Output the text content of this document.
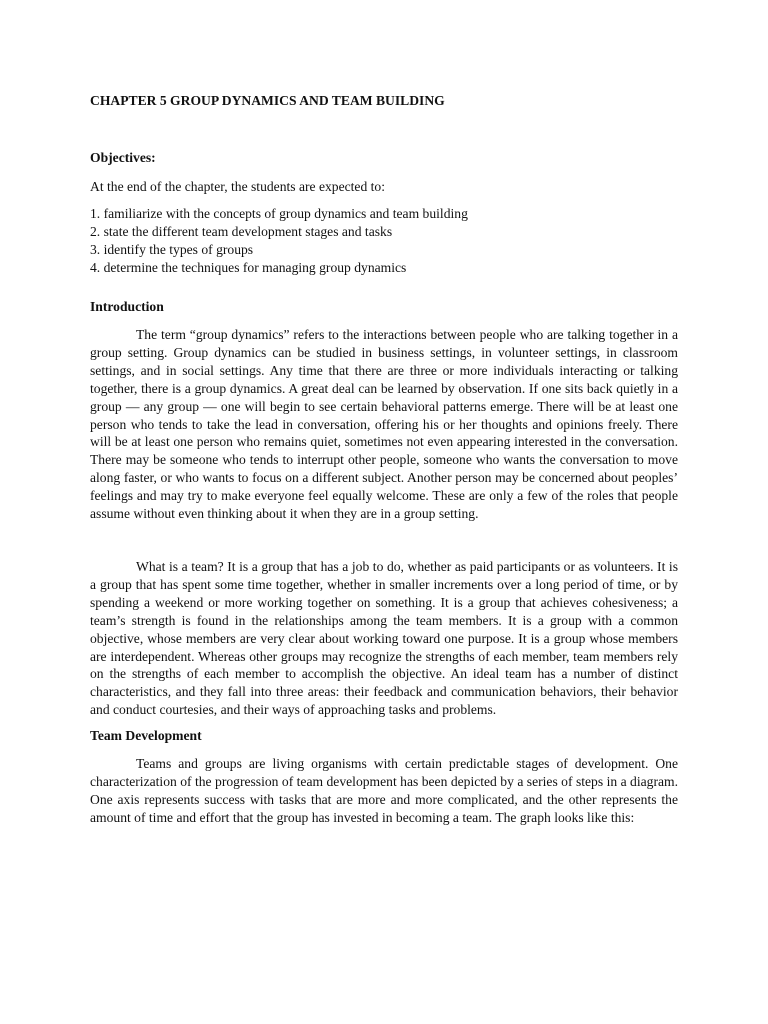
CHAPTER 5 GROUP DYNAMICS AND TEAM BUILDING
Objectives:
At the end of the chapter, the students are expected to:
1. familiarize with the concepts of group dynamics and team building
2. state the different team development stages and tasks
3. identify the types of groups
4. determine the techniques for managing group dynamics
Introduction

The term “group dynamics” refers to the interactions between people who are talking together in a group setting. Group dynamics can be studied in business settings, in volunteer settings, in classroom settings, and in social settings. Any time that there are three or more individuals interacting or talking together, there is a group dynamics. A great deal can be learned by observation. If one sits back quietly in a group — any group — one will begin to see certain behavioral patterns emerge. There will be at least one person who tends to take the lead in conversation, offering his or her thoughts and opinions freely. There will be at least one person who remains quiet, sometimes not even appearing interested in the conversation. There may be someone who tends to interrupt other people, someone who wants the conversation to move along faster, or who wants to focus on a different subject. Another person may be concerned about peoples’ feelings and may try to make everyone feel equally welcome. These are only a few of the roles that people assume without even thinking about it when they are in a group setting.

What is a team? It is a group that has a job to do, whether as paid participants or as volunteers. It is a group that has spent some time together, whether in smaller increments over a long period of time, or by spending a weekend or more working together on something. It is a group that achieves cohesiveness; a team’s strength is found in the relationships among the team members. It is a group with a common objective, whose members are very clear about working toward one purpose. It is a group whose members are interdependent. Whereas other groups may recognize the strengths of each member, team members rely on the strengths of each member to accomplish the objective. An ideal team has a number of distinct characteristics, and they fall into three areas: their feedback and communication behaviors, their behavior and conduct courtesies, and their ways of approaching tasks and problems.

Team Development

Teams and groups are living organisms with certain predictable stages of development. One characterization of the progression of team development has been depicted by a series of steps in a diagram. One axis represents success with tasks that are more and more complicated, and the other represents the amount of time and effort that the group has invested in becoming a team. The graph looks like this:
